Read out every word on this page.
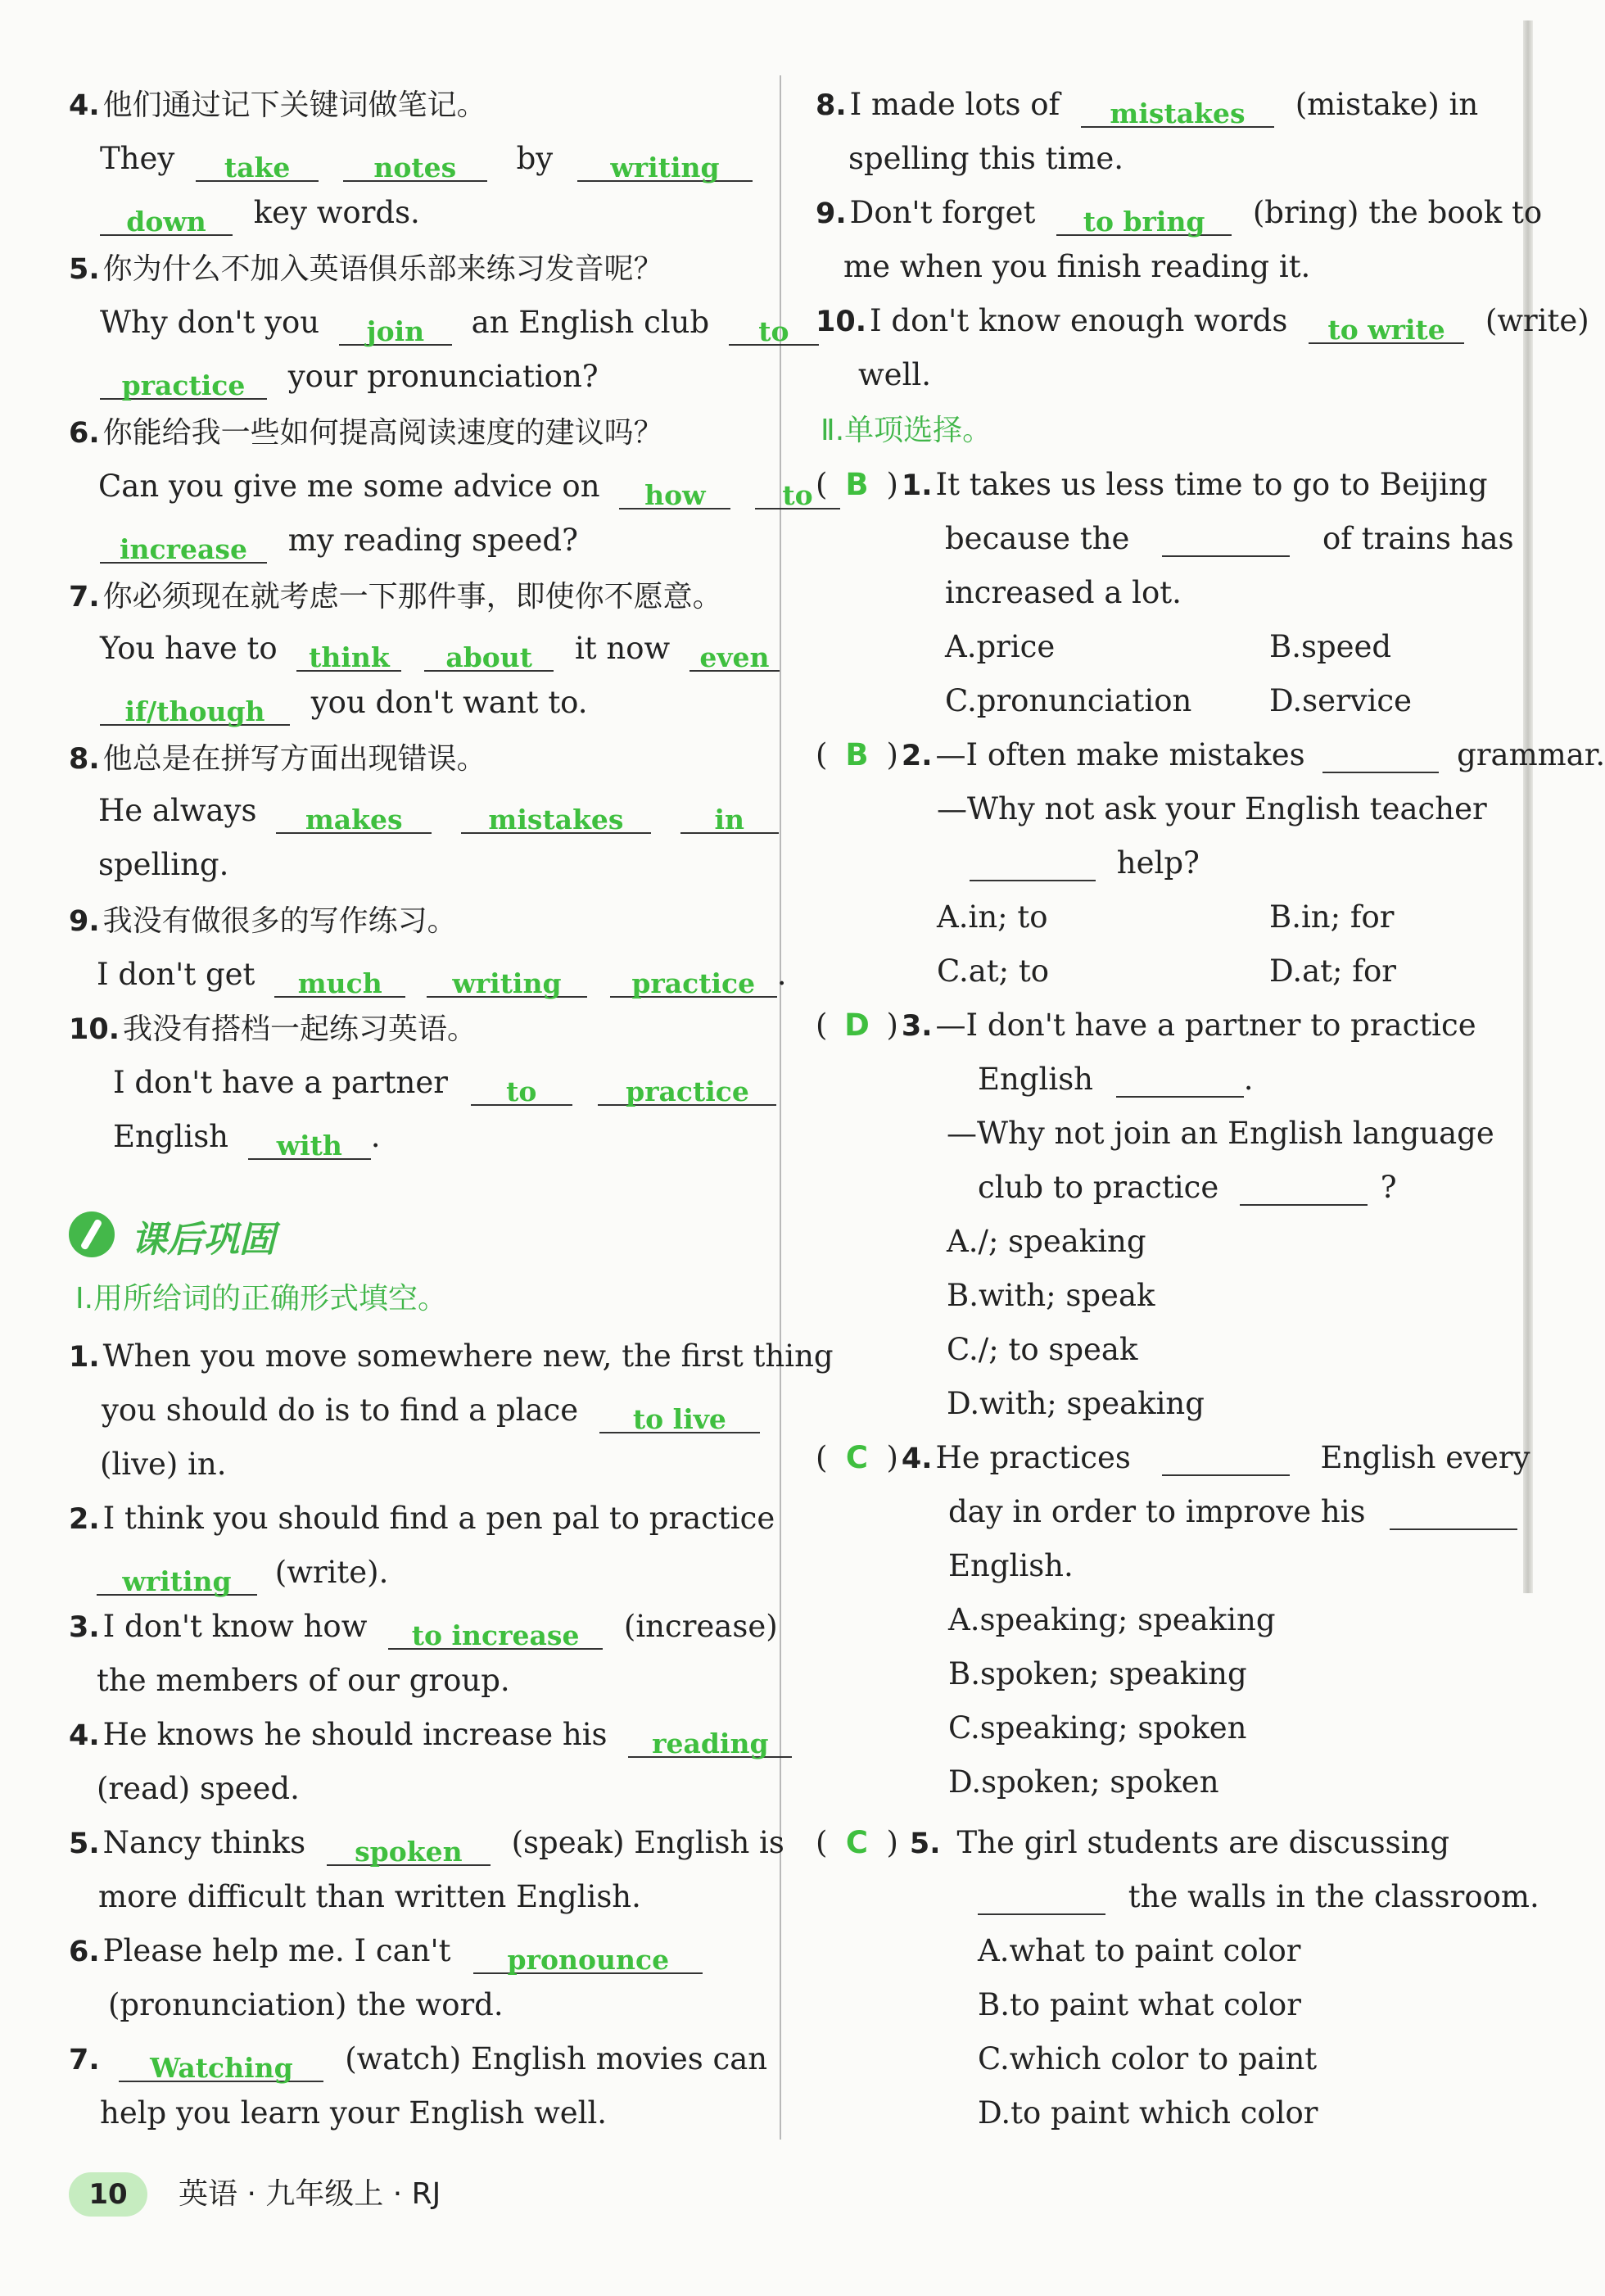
4. 他们通过记下关键词做笔记。
They take	notes by writing
down key words.
5. 你为什么不加入英语俱乐部来练习发音呢？
Why don't you join an English club to
practice your pronunciation?
6. 你能给我一些如何提高阅读速度的建议吗？
Can you give me some advice on how	to
increase my reading speed?
7. 你必须现在就考虑一下那件事，即使你不愿意。
You have to think about it now even
if/though you don't want to.
8. 他总是在拼写方面出现错误。
He always makes	mistakes	in
spelling.
9. 我没有做很多的写作练习。
I don't get much	writing	practice .
10. 我没有搭档一起练习英语。
I don't have a partner to	practice
English with .
课后巩固
Ⅰ.用所给词的正确形式填空。
1. When you move somewhere new, the first thing
you should do is to find a place to live
(live) in.
2. I think you should find a pen pal to practice
writing (write).
3. I don't know how to increase (increase)
the members of our group.
4. He knows he should increase his reading
(read) speed.
5. Nancy thinks spoken (speak) English is
more difficult than written English.
6. Please help me. I can't pronounce
(pronunciation) the word.
7. Watching (watch) English movies can
help you learn your English well.
8. I made lots of mistakes (mistake) in
spelling this time.
9. Don't forget to bring (bring) the book to
me when you finish reading it.
10. I don't know enough words to write (write)
well.
Ⅱ.单项选择。
( B ) 1. It takes us less time to go to Beijing
because the	of trains has
increased a lot.
A.price	B.speed
C.pronunciation	D.service
( B ) 2. —I often make mistakes	grammar.
—Why not ask your English teacher
help?
A.in; to	B.in; for
C.at; to	D.at; for
( D ) 3. —I don't have a partner to practice
English	.
—Why not join an English language
club to practice	?
A./; speaking
B.with; speak
C./; to speak
D.with; speaking
( C ) 4. He practices	English every
day in order to improve his
English.
A.speaking; speaking
B.spoken; speaking
C.speaking; spoken
D.spoken; spoken
( C ) 5. The girl students are discussing
the walls in the classroom.
A.what to paint color
B.to paint what color
C.which color to paint
D.to paint which color
10	英语 · 九年级上 · RJ
